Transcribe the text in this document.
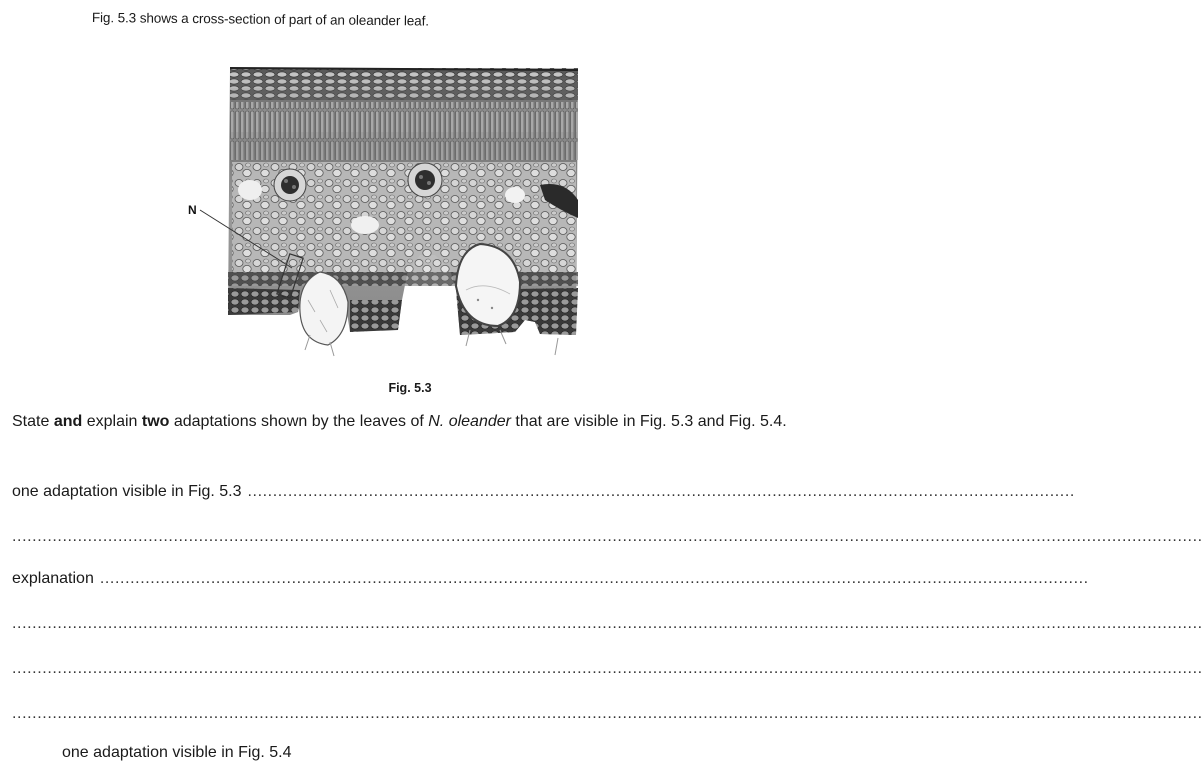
Fig. 5.3 shows a cross-section of part of an oleander leaf.
N
Fig. 5.3
State and explain two adaptations shown by the leaves of N. oleander that are visible in Fig. 5.3 and Fig. 5.4.
one adaptation visible in Fig. 5.3 ....................................................................................................................................................................
............................................................................................................................................................................................................................................
explanation ....................................................................................................................................................................................................
............................................................................................................................................................................................................................................
............................................................................................................................................................................................................................................
............................................................................................................................................................................................................................................
one adaptation visible in Fig. 5.4
